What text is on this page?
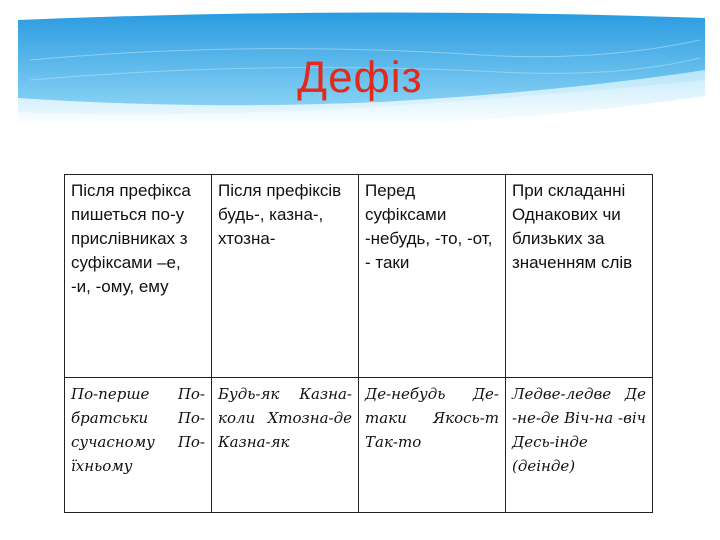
Дефіз
Після префікса пишеться по-у прислівниках з суфіксами –е, -и, -ому, ему	Після префіксів будь-, казна-, хтозна-	Перед суфіксами -небудь, -то, -от, - таки	При складанні Однакових чи близьких за значенням слів
По-перше По-братськи По-сучасному По-їхньому	Будь-як Казна-коли Хтозна-де Казна-як	Де-небудь Де-таки Якось-т Так-то	Ледве-ледве Де -не-де Віч-на -віч Десь-інде (деінде)
